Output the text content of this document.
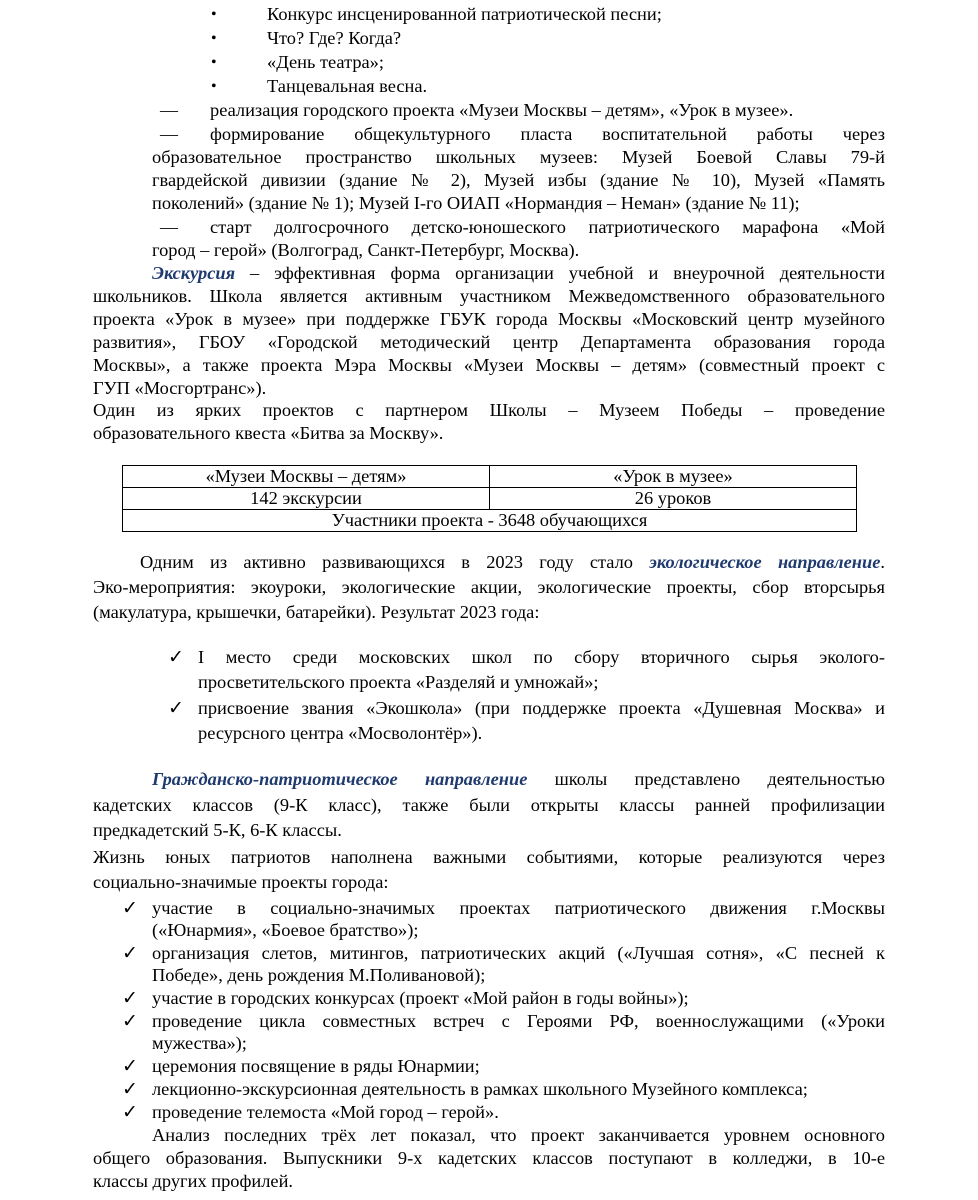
•	Конкурс инсценированной патриотической песни;
•	Что? Где? Когда?
•	«День театра»;
•	Танцевальная весна.
— реализация городского проекта «Музеи Москвы – детям», «Урок в музее».
— формирование общекультурного пласта воспитательной работы через
образовательное пространство школьных музеев: Музей Боевой Славы 79-й
гвардейской дивизии (здание № 2), Музей избы (здание № 10), Музей «Память
поколений» (здание № 1); Музей I-го ОИАП «Нормандия – Неман» (здание № 11);
— старт долгосрочного детско-юношеского патриотического марафона «Мой
город – герой» (Волгоград, Санкт-Петербург, Москва).
Экскурсия – эффективная форма организации учебной и внеурочной деятельности
школьников. Школа является активным участником Межведомственного образовательного
проекта «Урок в музее» при поддержке ГБУК города Москвы «Московский центр музейного
развития», ГБОУ «Городской методический центр Департамента образования города
Москвы», а также проекта Мэра Москвы «Музеи Москвы – детям» (совместный проект с
ГУП «Мосгортранс»).
Один из ярких проектов с партнером Школы – Музеем Победы – проведение
образовательного квеста «Битва за Москву».
«Музеи Москвы – детям»	«Урок в музее»
142 экскурсии	26 уроков
Участники проекта - 3648 обучающихся	
Одним из активно развивающихся в 2023 году стало экологическое направление.
Эко-мероприятия: экоуроки, экологические акции, экологические проекты, сбор вторсырья
(макулатура, крышечки, батарейки). Результат 2023 года:
✓ I место среди московских школ по сбору вторичного сырья эколого-
просветительского проекта «Разделяй и умножай»;
✓ присвоение звания «Экошкола» (при поддержке проекта «Душевная Москва» и
ресурсного центра «Мосволонтёр»).
Гражданско-патриотическое направление школы представлено деятельностью
кадетских классов (9-К класс), также были открыты классы ранней профилизации
предкадетский 5-К, 6-К классы.
Жизнь юных патриотов наполнена важными событиями, которые реализуются через
социально-значимые проекты города:
✓ участие в социально-значимых проектах патриотического движения г.Москвы
(«Юнармия», «Боевое братство»);
✓ организация слетов, митингов, патриотических акций («Лучшая сотня», «С песней к
Победе», день рождения М.Поливановой);
✓ участие в городских конкурсах (проект «Мой район в годы войны»);
✓ проведение цикла совместных встреч с Героями РФ, военнослужащими («Уроки
мужества»);
✓ церемония посвящение в ряды Юнармии;
✓ лекционно-экскурсионная деятельность в рамках школьного Музейного комплекса;
✓ проведение телемоста «Мой город – герой».
Анализ последних трёх лет показал, что проект заканчивается уровнем основного
общего образования. Выпускники 9-х кадетских классов поступают в колледжи, в 10-е
классы других профилей.
